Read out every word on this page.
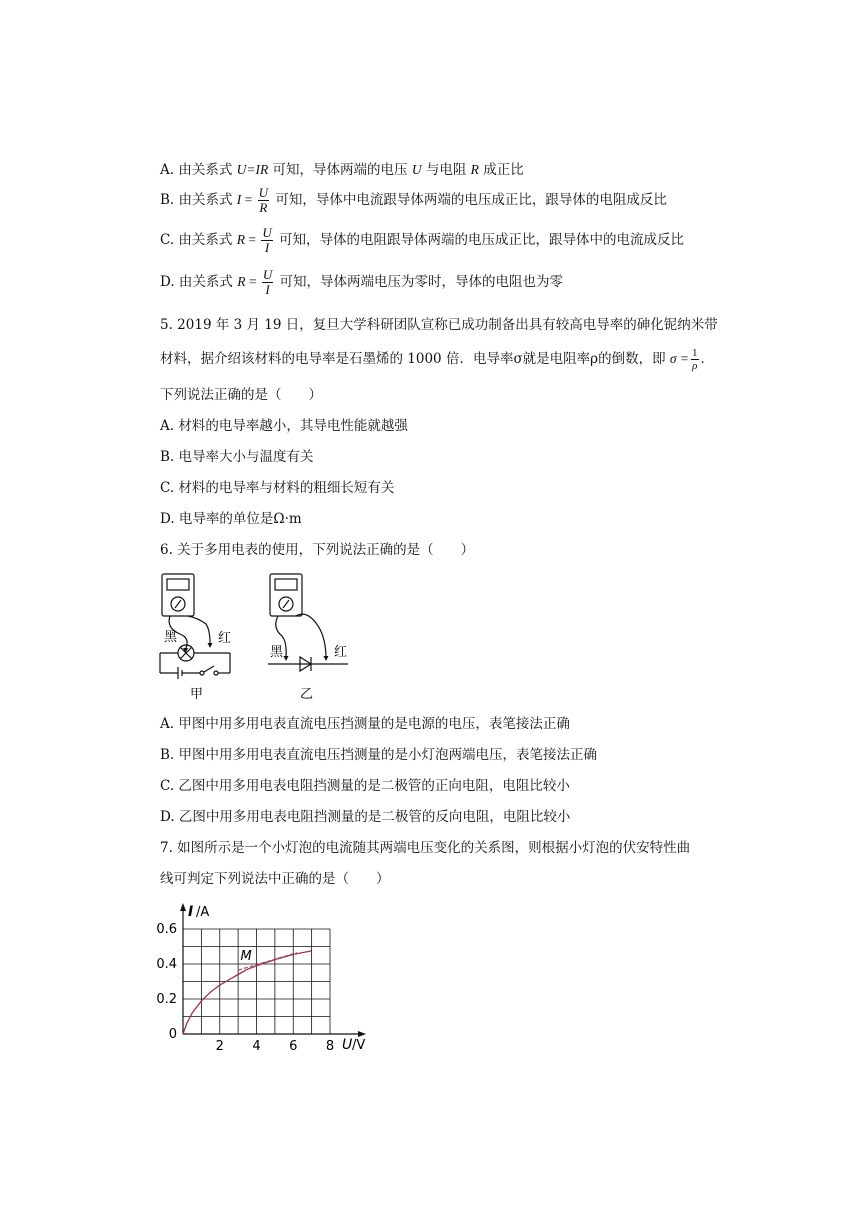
A. 由关系式 U=IR 可知，导体两端的电压 U 与电阻 R 成正比
B. 由关系式 $I = \frac{U}{R}$ 可知，导体中电流跟导体两端的电压成正比，跟导体的电阻成反比
C. 由关系式 $R = \frac{U}{I}$ 可知，导体的电阻跟导体两端的电压成正比，跟导体中的电流成反比
D. 由关系式 $R = \frac{U}{I}$ 可知，导体两端电压为零时，导体的电阻也为零
5. 2019 年 3 月 19 日，复旦大学科研团队宣称已成功制备出具有较高电导率的砷化铌纳米带
材料，据介绍该材料的电导率是石墨烯的 1000 倍．电导率σ就是电阻率ρ的倒数，即 $\sigma = \frac{1}{\rho}$ ．
下列说法正确的是（　　）
A. 材料的电导率越小，其导电性能就越强
B. 电导率大小与温度有关
C. 材料的电导率与材料的粗细长短有关
D. 电导率的单位是Ω·m
6. 关于多用电表的使用，下列说法正确的是（　　）
黑	红
甲
黑	红
乙
A. 甲图中用多用电表直流电压挡测量的是电源的电压，表笔接法正确
B. 甲图中用多用电表直流电压挡测量的是小灯泡两端电压，表笔接法正确
C. 乙图中用多用电表电阻挡测量的是二极管的正向电阻，电阻比较小
D. 乙图中用多用电表电阻挡测量的是二极管的反向电阻，电阻比较小
7. 如图所示是一个小灯泡的电流随其两端电压变化的关系图，则根据小灯泡的伏安特性曲
线可判定下列说法中正确的是（　　）
2 4 6 8
0.6
0.4
0.2
0
M
I /A
U /V
